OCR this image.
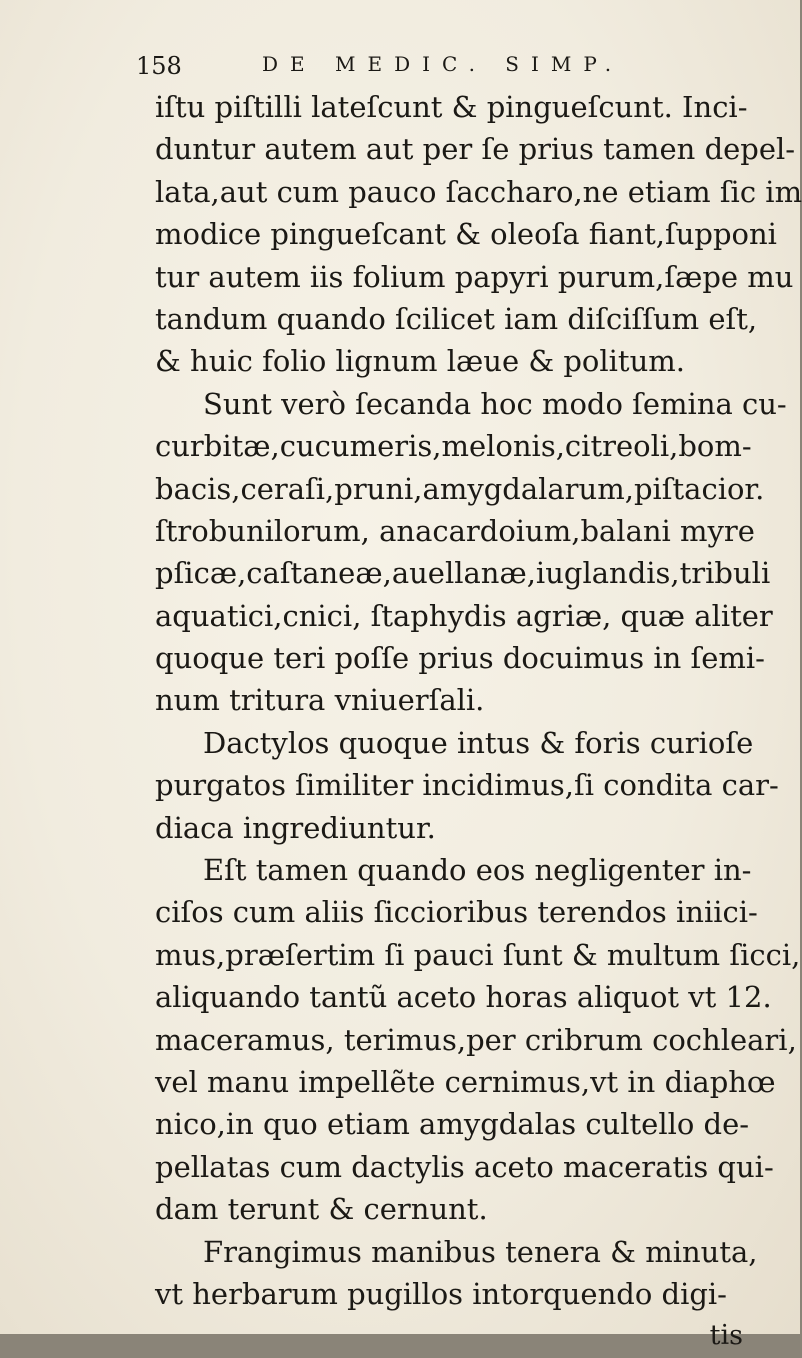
158	DE MEDIC. SIMP.
iſtu piſtilli lateſcunt & pingueſcunt. Inci-
duntur autem aut per ſe prius tamen depel-
lata,aut cum pauco ſaccharo,ne etiam ſic im
modice pingueſcant & oleoſa fiant,ſupponi
tur autem iis folium papyri purum,ſæpe mu
tandum quando ſcilicet iam diſciſſum eſt,
& huic folio lignum læue & politum.
Sunt verò ſecanda hoc modo ſemina cu-
curbitæ,cucumeris,melonis,citreoli,bom-
bacis,ceraſi,pruni,amygdalarum,piſtacior.
ſtrobunilorum, anacardoium,balani myre
pſicæ,caſtaneæ,auellanæ,iuglandis,tribuli
aquatici,cnici, ſtaphydis agriæ, quæ aliter
quoque teri poſſe prius docuimus in ſemi-
num tritura vniuerſali.
Dactylos quoque intus & foris curioſe
purgatos ſimiliter incidimus,ſi condita car-
diaca ingrediuntur.
Eſt tamen quando eos negligenter in-
ciſos cum aliis ſiccioribus terendos iniici-
mus,præſertim ſi pauci ſunt & multum ſicci,
aliquando tantũ aceto horas aliquot vt 12.
maceramus, terimus,per cribrum cochleari,
vel manu impellẽte cernimus,vt in diaphœ
nico,in quo etiam amygdalas cultello de-
pellatas cum dactylis aceto maceratis qui-
dam terunt & cernunt.
Frangimus manibus tenera & minuta,
vt herbarum pugillos intorquendo digi-
tis
